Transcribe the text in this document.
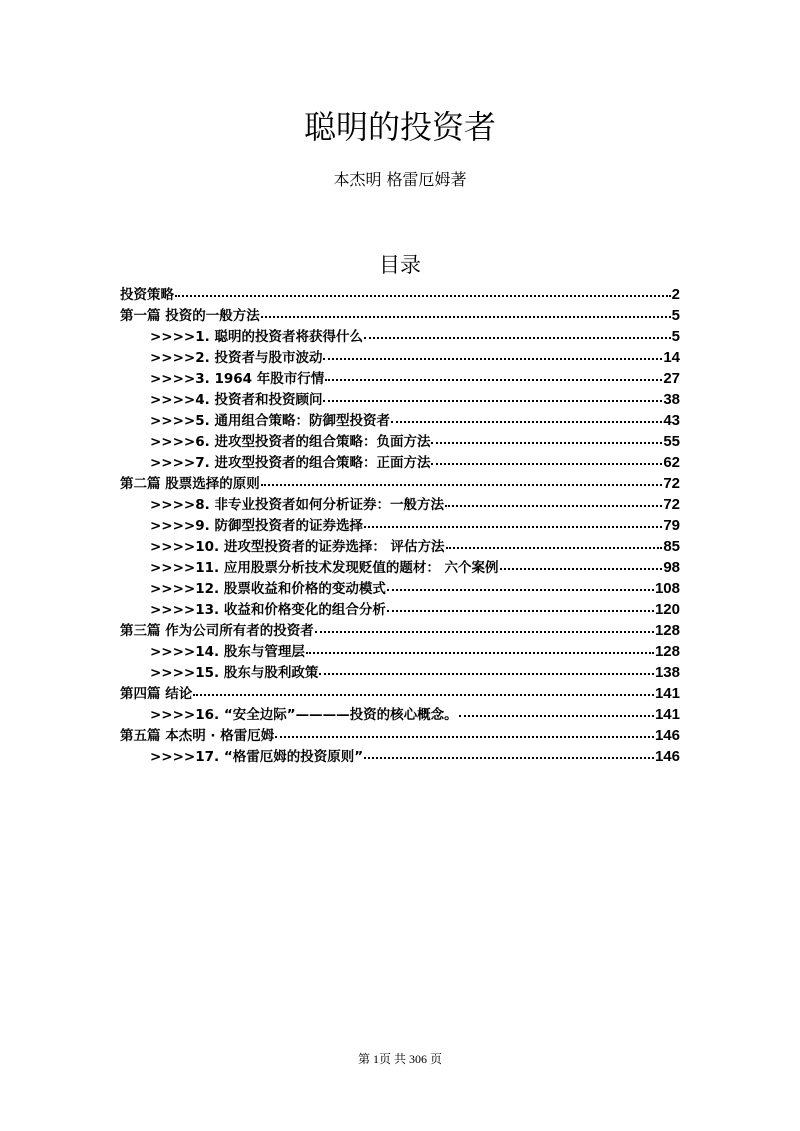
聪明的投资者
本杰明 格雷厄姆著
目录
投资策略	2
第一篇 投资的一般方法	5
>>>>1. 聪明的投资者将获得什么	5
>>>>2. 投资者与股市波动	14
>>>>3. 1964 年股市行情	27
>>>>4. 投资者和投资顾问	38
>>>>5. 通用组合策略：防御型投资者	43
>>>>6. 进攻型投资者的组合策略：负面方法	55
>>>>7. 进攻型投资者的组合策略：正面方法	62
第二篇 股票选择的原则	72
>>>>8. 非专业投资者如何分析证券：一般方法	72
>>>>9. 防御型投资者的证券选择	79
>>>>10. 进攻型投资者的证券选择： 评估方法	85
>>>>11. 应用股票分析技术发现贬值的题材： 六个案例	98
>>>>12. 股票收益和价格的变动模式	108
>>>>13. 收益和价格变化的组合分析	120
第三篇 作为公司所有者的投资者	128
>>>>14. 股东与管理层	128
>>>>15. 股东与股利政策	138
第四篇 结论	141
>>>>16. “安全边际”————投资的核心概念。	141
第五篇 本杰明 · 格雷厄姆	146
>>>>17. “格雷厄姆的投资原则”	146
第 1页 共 306 页
